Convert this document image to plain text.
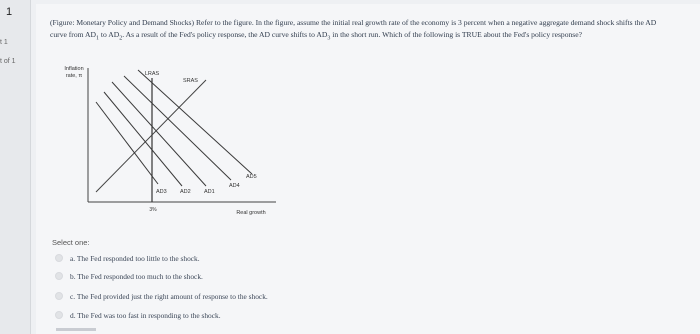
1
t 1
t of 1
(Figure: Monetary Policy and Demand Shocks) Refer to the figure. In the figure, assume the initial real growth rate of the economy is 3 percent when a negative aggregate demand shock shifts the AD curve from $AD_1$ to $AD_2$. As a result of the Fed's policy response, the AD curve shifts to $AD_3$ in the short run. Which of the following is TRUE about the Fed's policy response?
Inflation
rate, π
Real growth
3%
LRAS
SRAS
AD3 AD2 AD1
AD4
AD5
Select one:
a. The Fed responded too little to the shock.
b. The Fed responded too much to the shock.
c. The Fed provided just the right amount of response to the shock.
d. The Fed was too fast in responding to the shock.
